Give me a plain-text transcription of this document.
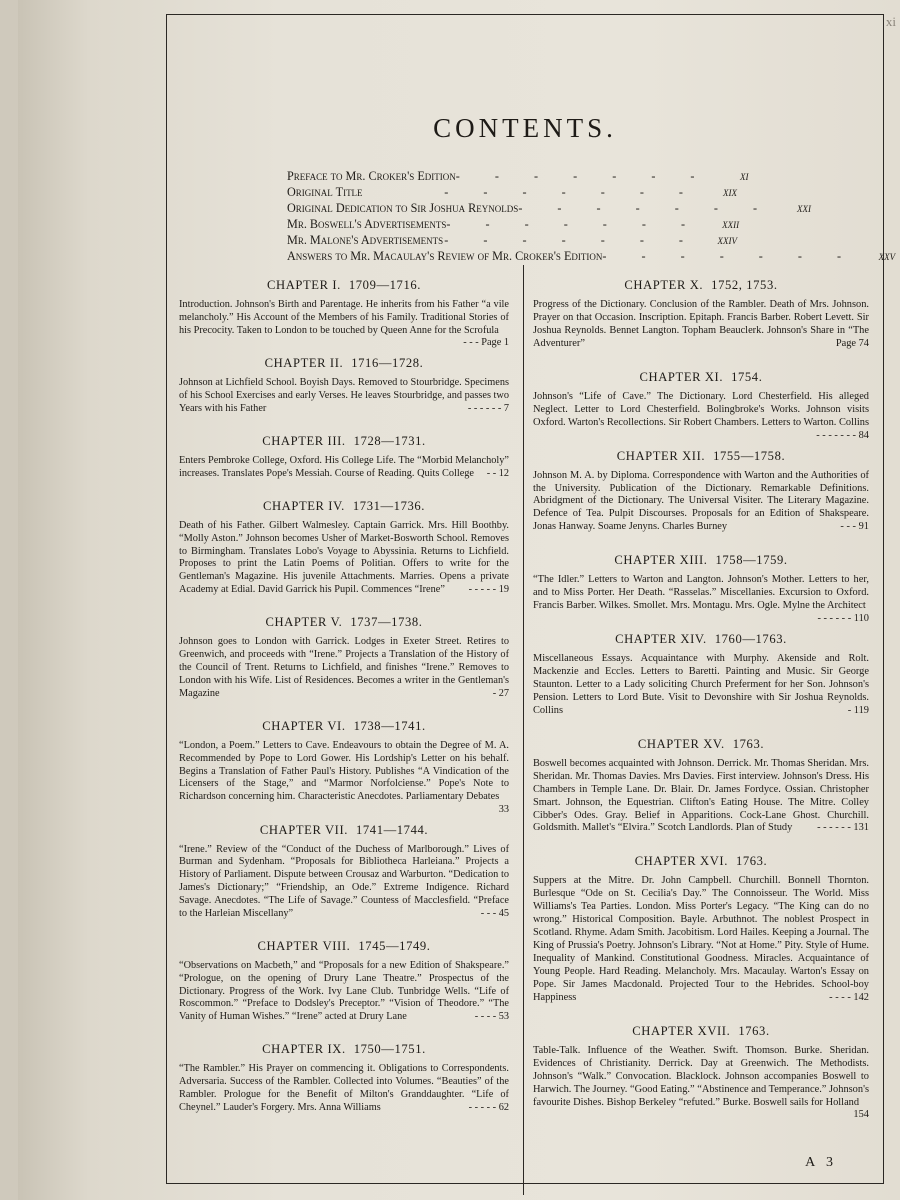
xi
CONTENTS.
Preface to Mr. Croker's Edition - - - - - - -	xi
Original Title	- - - - - - -	xix
Original Dedication to Sir Joshua Reynolds - - - - - - -	xxi
Mr. Boswell's Advertisements - - - - - - -	xxii
Mr. Malone's Advertisements - - - - - - -	xxiv
Answers to Mr. Macaulay's Review of Mr. Croker's Edition - - - - - - -	xxv
CHAPTER I. 1709—1716.
Introduction. Johnson's Birth and Parentage. He inherits from his Father “a vile melancholy.” His Account of the Members of his Family. Traditional Stories of his Precocity. Taken to London to be touched by Queen Anne for the Scrofula
- - - Page 1
CHAPTER II. 1716—1728.
Johnson at Lichfield School. Boyish Days. Removed to Stourbridge. Specimens of his School Exercises and early Verses. He leaves Stourbridge, and passes two Years with his Father	- - - - - - 7
CHAPTER III. 1728—1731.
Enters Pembroke College, Oxford. His College Life. The “Morbid Melancholy” increases. Translates Pope's Messiah. Course of Reading. Quits College - - 12
CHAPTER IV. 1731—1736.
Death of his Father. Gilbert Walmesley. Captain Garrick. Mrs. Hill Boothby. “Molly Aston.” Johnson becomes Usher of Market-Bosworth School. Removes to Birmingham. Translates Lobo's Voyage to Abyssinia. Returns to Lichfield. Proposes to print the Latin Poems of Politian. Offers to write for the Gentleman's Magazine. His juvenile Attachments. Marries. Opens a private Academy at Edial. David Garrick his Pupil. Commences “Irene” - - - - - 19
CHAPTER V. 1737—1738.
Johnson goes to London with Garrick. Lodges in Exeter Street. Retires to Greenwich, and proceeds with “Irene.” Projects a Translation of the History of the Council of Trent. Returns to Lichfield, and finishes “Irene.” Removes to London with his Wife. List of Residences. Becomes a writer in the Gentleman's Magazine	- 27
CHAPTER VI. 1738—1741.
“London, a Poem.” Letters to Cave. Endeavours to obtain the Degree of M. A. Recommended by Pope to Lord Gower. His Lordship's Letter on his behalf. Begins a Translation of Father Paul's History. Publishes “A Vindication of the Licensers of the Stage,” and “Marmor Norfolciense.” Pope's Note to Richardson concerning him. Characteristic Anecdotes. Parliamentary Debates
33
CHAPTER VII. 1741—1744.
“Irene.” Review of the “Conduct of the Duchess of Marlborough.” Lives of Burman and Sydenham. “Proposals for Bibliotheca Harleiana.” Projects a History of Parliament. Dispute between Crousaz and Warburton. “Dedication to James's Dictionary;” “Friendship, an Ode.” Extreme Indigence. Richard Savage. Anecdotes. “The Life of Savage.” Countess of Macclesfield. “Preface to the Harleian Miscellany”	- - - 45
CHAPTER VIII. 1745—1749.
“Observations on Macbeth,” and “Proposals for a new Edition of Shakspeare.” “Prologue, on the opening of Drury Lane Theatre.” Prospectus of the Dictionary. Progress of the Work. Ivy Lane Club. Tunbridge Wells. “Life of Roscommon.” “Preface to Dodsley's Preceptor.” “Vision of Theodore.” “The Vanity of Human Wishes.” “Irene” acted at Drury Lane	- - - - 53
CHAPTER IX. 1750—1751.
“The Rambler.” His Prayer on commencing it. Obligations to Correspondents. Adversaria. Success of the Rambler. Collected into Volumes. “Beauties” of the Rambler. Prologue for the Benefit of Milton's Granddaughter. “Life of Cheynel.” Lauder's Forgery. Mrs. Anna Williams	- - - - - 62
CHAPTER X. 1752, 1753.
Progress of the Dictionary. Conclusion of the Rambler. Death of Mrs. Johnson. Prayer on that Occasion. Inscription. Epitaph. Francis Barber. Robert Levett. Sir Joshua Reynolds. Bennet Langton. Topham Beauclerk. Johnson's Share in “The Adventurer”	Page 74
CHAPTER XI. 1754.
Johnson's “Life of Cave.” The Dictionary. Lord Chesterfield. His alleged Neglect. Letter to Lord Chesterfield. Bolingbroke's Works. Johnson visits Oxford. Warton's Recollections. Sir Robert Chambers. Letters to Warton. Collins
- - - - - - - 84
CHAPTER XII. 1755—1758.
Johnson M. A. by Diploma. Correspondence with Warton and the Authorities of the University. Publication of the Dictionary. Remarkable Definitions. Abridgment of the Dictionary. The Universal Visiter. The Literary Magazine. Defence of Tea. Pulpit Discourses. Proposals for an Edition of Shakspeare. Jonas Hanway. Soame Jenyns. Charles Burney	- - - 91
CHAPTER XIII. 1758—1759.
“The Idler.” Letters to Warton and Langton. Johnson's Mother. Letters to her, and to Miss Porter. Her Death. “Rasselas.” Miscellanies. Excursion to Oxford. Francis Barber. Wilkes. Smollet. Mrs. Montagu. Mrs. Ogle. Mylne the Architect
- - - - - - 110
CHAPTER XIV. 1760—1763.
Miscellaneous Essays. Acquaintance with Murphy. Akenside and Rolt. Mackenzie and Eccles. Letters to Baretti. Painting and Music. Sir George Staunton. Letter to a Lady soliciting Church Preferment for her Son. Johnson's Pension. Letters to Lord Bute. Visit to Devonshire with Sir Joshua Reynolds. Collins	- 119
CHAPTER XV. 1763.
Boswell becomes acquainted with Johnson. Derrick. Mr. Thomas Sheridan. Mrs. Sheridan. Mr. Thomas Davies. Mrs Davies. First interview. Johnson's Dress. His Chambers in Temple Lane. Dr. Blair. Dr. James Fordyce. Ossian. Christopher Smart. Johnson, the Equestrian. Clifton's Eating House. The Mitre. Colley Cibber's Odes. Gray. Belief in Apparitions. Cock-Lane Ghost. Churchill. Goldsmith. Mallet's “Elvira.” Scotch Landlords. Plan of Study - - - - - - 131
CHAPTER XVI. 1763.
Suppers at the Mitre. Dr. John Campbell. Churchill. Bonnell Thornton. Burlesque “Ode on St. Cecilia's Day.” The Connoisseur. The World. Miss Williams's Tea Parties. London. Miss Porter's Legacy. “The King can do no wrong.” Historical Composition. Bayle. Arbuthnot. The noblest Prospect in Scotland. Rhyme. Adam Smith. Jacobitism. Lord Hailes. Keeping a Journal. The King of Prussia's Poetry. Johnson's Library. “Not at Home.” Pity. Style of Hume. Inequality of Mankind. Constitutional Goodness. Miracles. Acquaintance of Young People. Hard Reading. Melancholy. Mrs. Macaulay. Warton's Essay on Pope. Sir James Macdonald. Projected Tour to the Hebrides. School-boy Happiness	- - - - 142
CHAPTER XVII. 1763.
Table-Talk. Influence of the Weather. Swift. Thomson. Burke. Sheridan. Evidences of Christianity. Derrick. Day at Greenwich. The Methodists. Johnson's “Walk.” Convocation. Blacklock. Johnson accompanies Boswell to Harwich. The Journey. “Good Eating.” “Abstinence and Temperance.” Johnson's favourite Dishes. Bishop Berkeley “refuted.” Burke. Boswell sails for Holland
154
A 3
